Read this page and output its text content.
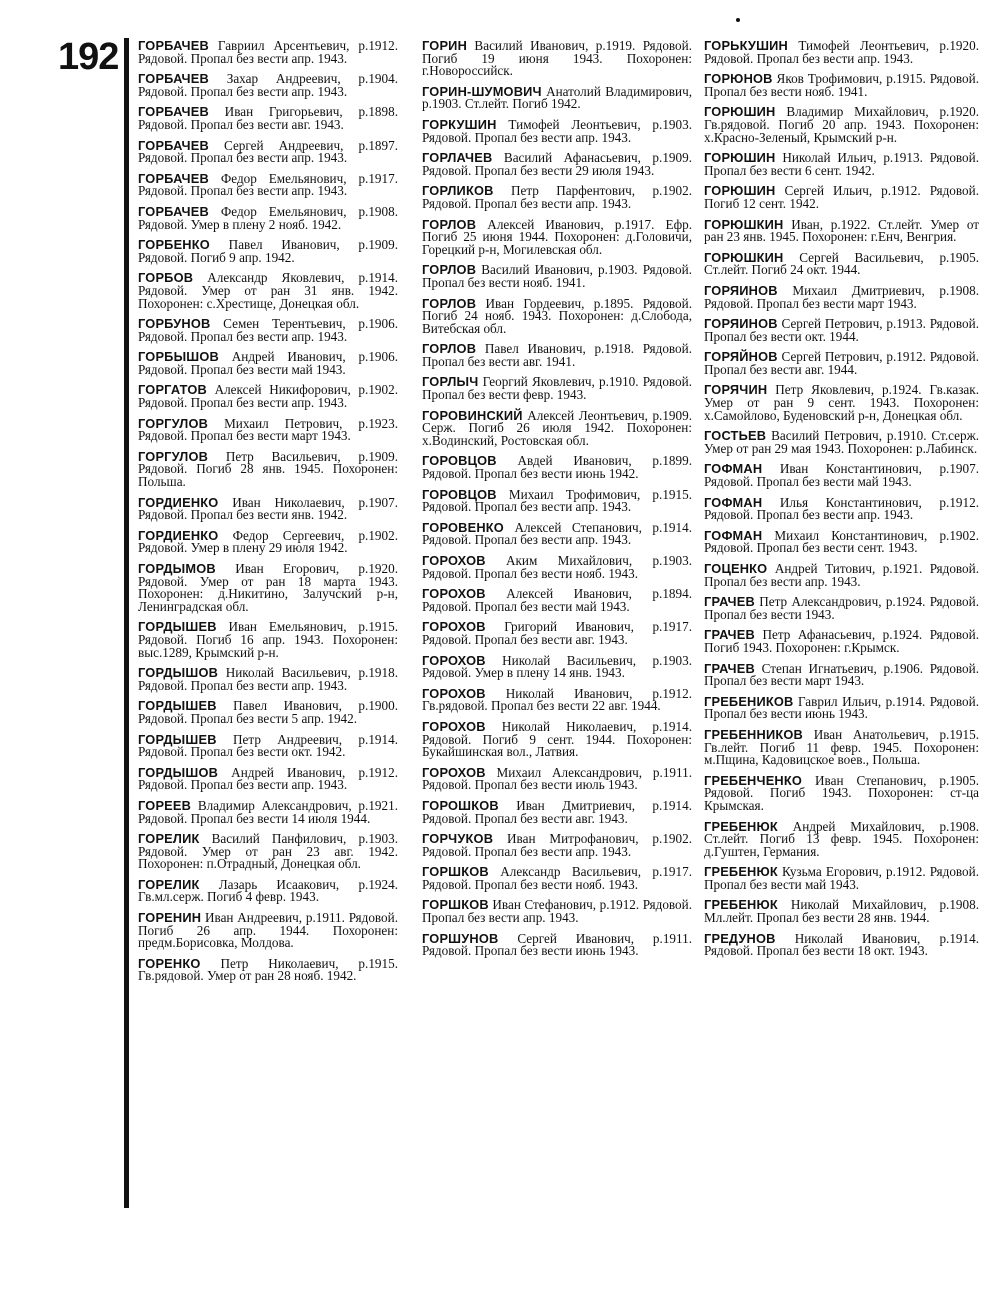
192 ГОРБАЧЕВ Гавриил Арсентьевич, р.1912. Рядовой. Пропал без вести апр. 1943.

ГОРБАЧЕВ Захар Андреевич, р.1904. Рядовой. Пропал без вести апр. 1943.

ГОРБАЧЕВ Иван Григорьевич, р.1898. Рядовой. Пропал без вести авг. 1943.

ГОРБАЧЕВ Сергей Андреевич, р.1897. Рядовой. Пропал без вести апр. 1943.

ГОРБАЧЕВ Федор Емельянович, р.1917. Рядовой. Пропал без вести апр. 1943.

ГОРБАЧЕВ Федор Емельянович, р.1908. Рядовой. Умер в плену 2 нояб. 1942.

ГОРБЕНКО Павел Иванович, р.1909. Рядовой. Погиб 9 апр. 1942.

ГОРБОВ Александр Яковлевич, р.1914. Рядовой. Умер от ран 31 янв. 1942. Похоронен: с.Хрестище, Донецкая обл.

ГОРБУНОВ Семен Терентьевич, р.1906. Рядовой. Пропал без вести апр. 1943.

ГОРБЫШОВ Андрей Иванович, р.1906. Рядовой. Пропал без вести май 1943.

ГОРГАТОВ Алексей Никифорович, р.1902. Рядовой. Пропал без вести апр. 1943.

ГОРГУЛОВ Михаил Петрович, р.1923. Рядовой. Пропал без вести март 1943.

ГОРГУЛОВ Петр Васильевич, р.1909. Рядовой. Погиб 28 янв. 1945. Похоронен: Польша.

ГОРДИЕНКО Иван Николаевич, р.1907. Рядовой. Пропал без вести янв. 1942.

ГОРДИЕНКО Федор Сергеевич, р.1902. Рядовой. Умер в плену 29 июля 1942.

ГОРДЫМОВ Иван Егорович, р.1920. Рядовой. Умер от ран 18 марта 1943. Похоронен: д.Никитино, Залучский р-н, Ленинградская обл.

ГОРДЫШЕВ Иван Емельянович, р.1915. Рядовой. Погиб 16 апр. 1943. Похоронен: выс.1289, Крымский р-н.

ГОРДЫШОВ Николай Васильевич, р.1918. Рядовой. Пропал без вести апр. 1943.

ГОРДЫШЕВ Павел Иванович, р.1900. Рядовой. Пропал без вести 5 апр. 1942.

ГОРДЫШЕВ Петр Андреевич, р.1914. Рядовой. Пропал без вести окт. 1942.

ГОРДЫШОВ Андрей Иванович, р.1912. Рядовой. Пропал без вести апр. 1943.

ГОРЕЕВ Владимир Александрович, р.1921. Рядовой. Пропал без вести 14 июля 1944.

ГОРЕЛИК Василий Панфилович, р.1903. Рядовой. Умер от ран 23 авг. 1942. Похоронен: п.Отрадный, Донецкая обл.

ГОРЕЛИК Лазарь Исаакович, р.1924. Гв.мл.серж. Погиб 4 февр. 1943.

ГОРЕНИН Иван Андреевич, р.1911. Рядовой. Погиб 26 апр. 1944. Похоронен: предм.Борисовка, Молдова.

ГОРЕНКО Петр Николаевич, р.1915. Гв.рядовой. Умер от ран 28 нояб. 1942.

ГОРИН Василий Иванович, р.1919. Рядовой. Погиб 19 июня 1943. Похоронен: г.Новороссийск.

ГОРИН-ШУМОВИЧ Анатолий Владимирович, р.1903. Ст.лейт. Погиб 1942.

ГОРКУШИН Тимофей Леонтьевич, р.1903. Рядовой. Пропал без вести апр. 1943.

ГОРЛАЧЕВ Василий Афанасьевич, р.1909. Рядовой. Пропал без вести 29 июля 1943.

ГОРЛИКОВ Петр Парфентович, р.1902. Рядовой. Пропал без вести апр. 1943.

ГОРЛОВ Алексей Иванович, р.1917. Ефр. Погиб 25 июня 1944. Похоронен: д.Головичи, Горецкий р-н, Могилевская обл.

ГОРЛОВ Василий Иванович, р.1903. Рядовой. Пропал без вести нояб. 1941.

ГОРЛОВ Иван Гордеевич, р.1895. Рядовой. Погиб 24 нояб. 1943. Похоронен: д.Слобода, Витебская обл.

ГОРЛОВ Павел Иванович, р.1918. Рядовой. Пропал без вести авг. 1941.

ГОРЛЫЧ Георгий Яковлевич, р.1910. Рядовой. Пропал без вести февр. 1943.

ГОРОВИНСКИЙ Алексей Леонтьевич, р.1909. Серж. Погиб 26 июля 1942. Похоронен: х.Водинский, Ростовская обл.

ГОРОВЦОВ Авдей Иванович, р.1899. Рядовой. Пропал без вести июнь 1942.

ГОРОВЦОВ Михаил Трофимович, р.1915. Рядовой. Пропал без вести апр. 1943.

ГОРОВЕНКО Алексей Степанович, р.1914. Рядовой. Пропал без вести апр. 1943.

ГОРОХОВ Аким Михайлович, р.1903. Рядовой. Пропал без вести нояб. 1943.

ГОРОХОВ Алексей Иванович, р.1894. Рядовой. Пропал без вести май 1943.

ГОРОХОВ Григорий Иванович, р.1917. Рядовой. Пропал без вести авг. 1943.

ГОРОХОВ Николай Васильевич, р.1903. Рядовой. Умер в плену 14 янв. 1943.

ГОРОХОВ Николай Иванович, р.1912. Гв.рядовой. Пропал без вести 22 авг. 1944.

ГОРОХОВ Николай Николаевич, р.1914. Рядовой. Погиб 9 сент. 1944. Похоронен: Букайшинская вол., Латвия.

ГОРОХОВ Михаил Александрович, р.1911. Рядовой. Пропал без вести июль 1943.

ГОРОШКОВ Иван Дмитриевич, р.1914. Рядовой. Пропал без вести авг. 1943.

ГОРЧУКОВ Иван Митрофанович, р.1902. Рядовой. Пропал без вести апр. 1943.

ГОРШКОВ Александр Васильевич, р.1917. Рядовой. Пропал без вести нояб. 1943.

ГОРШКОВ Иван Стефанович, р.1912. Рядовой. Пропал без вести апр. 1943.

ГОРШУНОВ Сергей Иванович, р.1911. Рядовой. Пропал без вести июнь 1943.

ГОРЬКУШИН Тимофей Леонтьевич, р.1920. Рядовой. Пропал без вести апр. 1943.

ГОРЮНОВ Яков Трофимович, р.1915. Рядовой. Пропал без вести нояб. 1941.

ГОРЮШИН Владимир Михайлович, р.1920. Гв.рядовой. Погиб 20 апр. 1943. Похоронен: х.Красно-Зеленый, Крымский р-н.

ГОРЮШИН Николай Ильич, р.1913. Рядовой. Пропал без вести 6 сент. 1942.

ГОРЮШИН Сергей Ильич, р.1912. Рядовой. Погиб 12 сент. 1942.

ГОРЮШКИН Иван, р.1922. Ст.лейт. Умер от ран 23 янв. 1945. Похоронен: г.Енч, Венгрия.

ГОРЮШКИН Сергей Васильевич, р.1905. Ст.лейт. Погиб 24 окт. 1944.

ГОРЯИНОВ Михаил Дмитриевич, р.1908. Рядовой. Пропал без вести март 1943.

ГОРЯИНОВ Сергей Петрович, р.1913. Рядовой. Пропал без вести окт. 1944.

ГОРЯЙНОВ Сергей Петрович, р.1912. Рядовой. Пропал без вести авг. 1944.

ГОРЯЧИН Петр Яковлевич, р.1924. Гв.казак. Умер от ран 9 сент. 1943. Похоронен: х.Самойлово, Буденовский р-н, Донецкая обл.

ГОСТЬЕВ Василий Петрович, р.1910. Ст.серж. Умер от ран 29 мая 1943. Похоронен: р.Лабинск.

ГОФМАН Иван Константинович, р.1907. Рядовой. Пропал без вести май 1943.

ГОФМАН Илья Константинович, р.1912. Рядовой. Пропал без вести апр. 1943.

ГОФМАН Михаил Константинович, р.1902. Рядовой. Пропал без вести сент. 1943.

ГОЦЕНКО Андрей Титович, р.1921. Рядовой. Пропал без вести апр. 1943.

ГРАЧЕВ Петр Александрович, р.1924. Рядовой. Пропал без вести 1943.

ГРАЧЕВ Петр Афанасьевич, р.1924. Рядовой. Погиб 1943. Похоронен: г.Крымск.

ГРАЧЕВ Степан Игнатьевич, р.1906. Рядовой. Пропал без вести март 1943.

ГРЕБЕНИКОВ Гаврил Ильич, р.1914. Рядовой. Пропал без вести июнь 1943.

ГРЕБЕННИКОВ Иван Анатольевич, р.1915. Гв.лейт. Погиб 11 февр. 1945. Похоронен: м.Пщина, Кадовицское воев., Польша.

ГРЕБЕНЧЕНКО Иван Степанович, р.1905. Рядовой. Погиб 1943. Похоронен: ст-ца Крымская.

ГРЕБЕНЮК Андрей Михайлович, р.1908. Ст.лейт. Погиб 13 февр. 1945. Похоронен: д.Гуштен, Германия.

ГРЕБЕНЮК Кузьма Егорович, р.1912. Рядовой. Пропал без вести май 1943.

ГРЕБЕНЮК Николай Михайлович, р.1908. Мл.лейт. Пропал без вести 28 янв. 1944.

ГРЕДУНОВ Николай Иванович, р.1914. Рядовой. Пропал без вести 18 окт. 1943.
